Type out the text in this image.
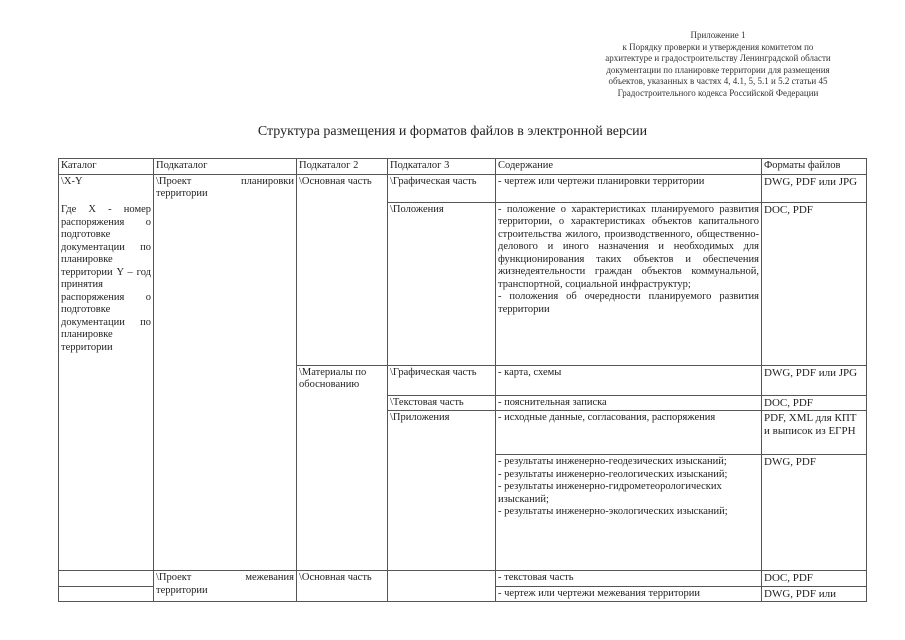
Приложение 1
к Порядку проверки и утверждения комитетом по
архитектуре и градостроительству Ленинградской области
документации по планировке территории для размещения
объектов, указанных в частях 4, 4.1, 5, 5.1 и 5.2 статьи 45
Градостроительного кодекса Российской Федерации
Структура размещения и форматов файлов в электронной версии
Каталог	Подкаталог	Подкаталог 2	Подкаталог 3	Содержание	Форматы файлов

\X-Y
Где X - номер распоряжения о подготовке документации по планировке территории Y – год принятия распоряжения о подготовке документации по планировке территории	\Проект планировки территории	\Основная часть	\Графическая часть	- чертеж или чертежи планировки территории	DWG, PDF или JPG
			\Положения	- положение о характеристиках планируемого развития территории, о характеристиках объектов капитального строительства жилого, производственного, общественно-делового и иного назначения и необходимых для функционирования таких объектов и обеспечения жизнедеятельности граждан объектов коммунальной, транспортной, социальной инфраструктур;
- положения об очередности планируемого развития территории	DOC, PDF
		\Материалы по обоснованию	\Графическая часть	- карта, схемы	DWG, PDF или JPG
			\Текстовая часть	- пояснительная записка	DOC, PDF
			\Приложения	- исходные данные, согласования, распоряжения	PDF, XML для КПТ и выписок из ЕГРН

				- результаты инженерно-геодезических изысканий;
- результаты инженерно-геологических изысканий;
- результаты инженерно-гидрометеорологических изысканий;
- результаты инженерно-экологических изысканий;	DWG, PDF
	\Проект межевания территории	\Основная часть		- текстовая часть	DOC, PDF
				- чертеж или чертежи межевания территории	DWG, PDF или
